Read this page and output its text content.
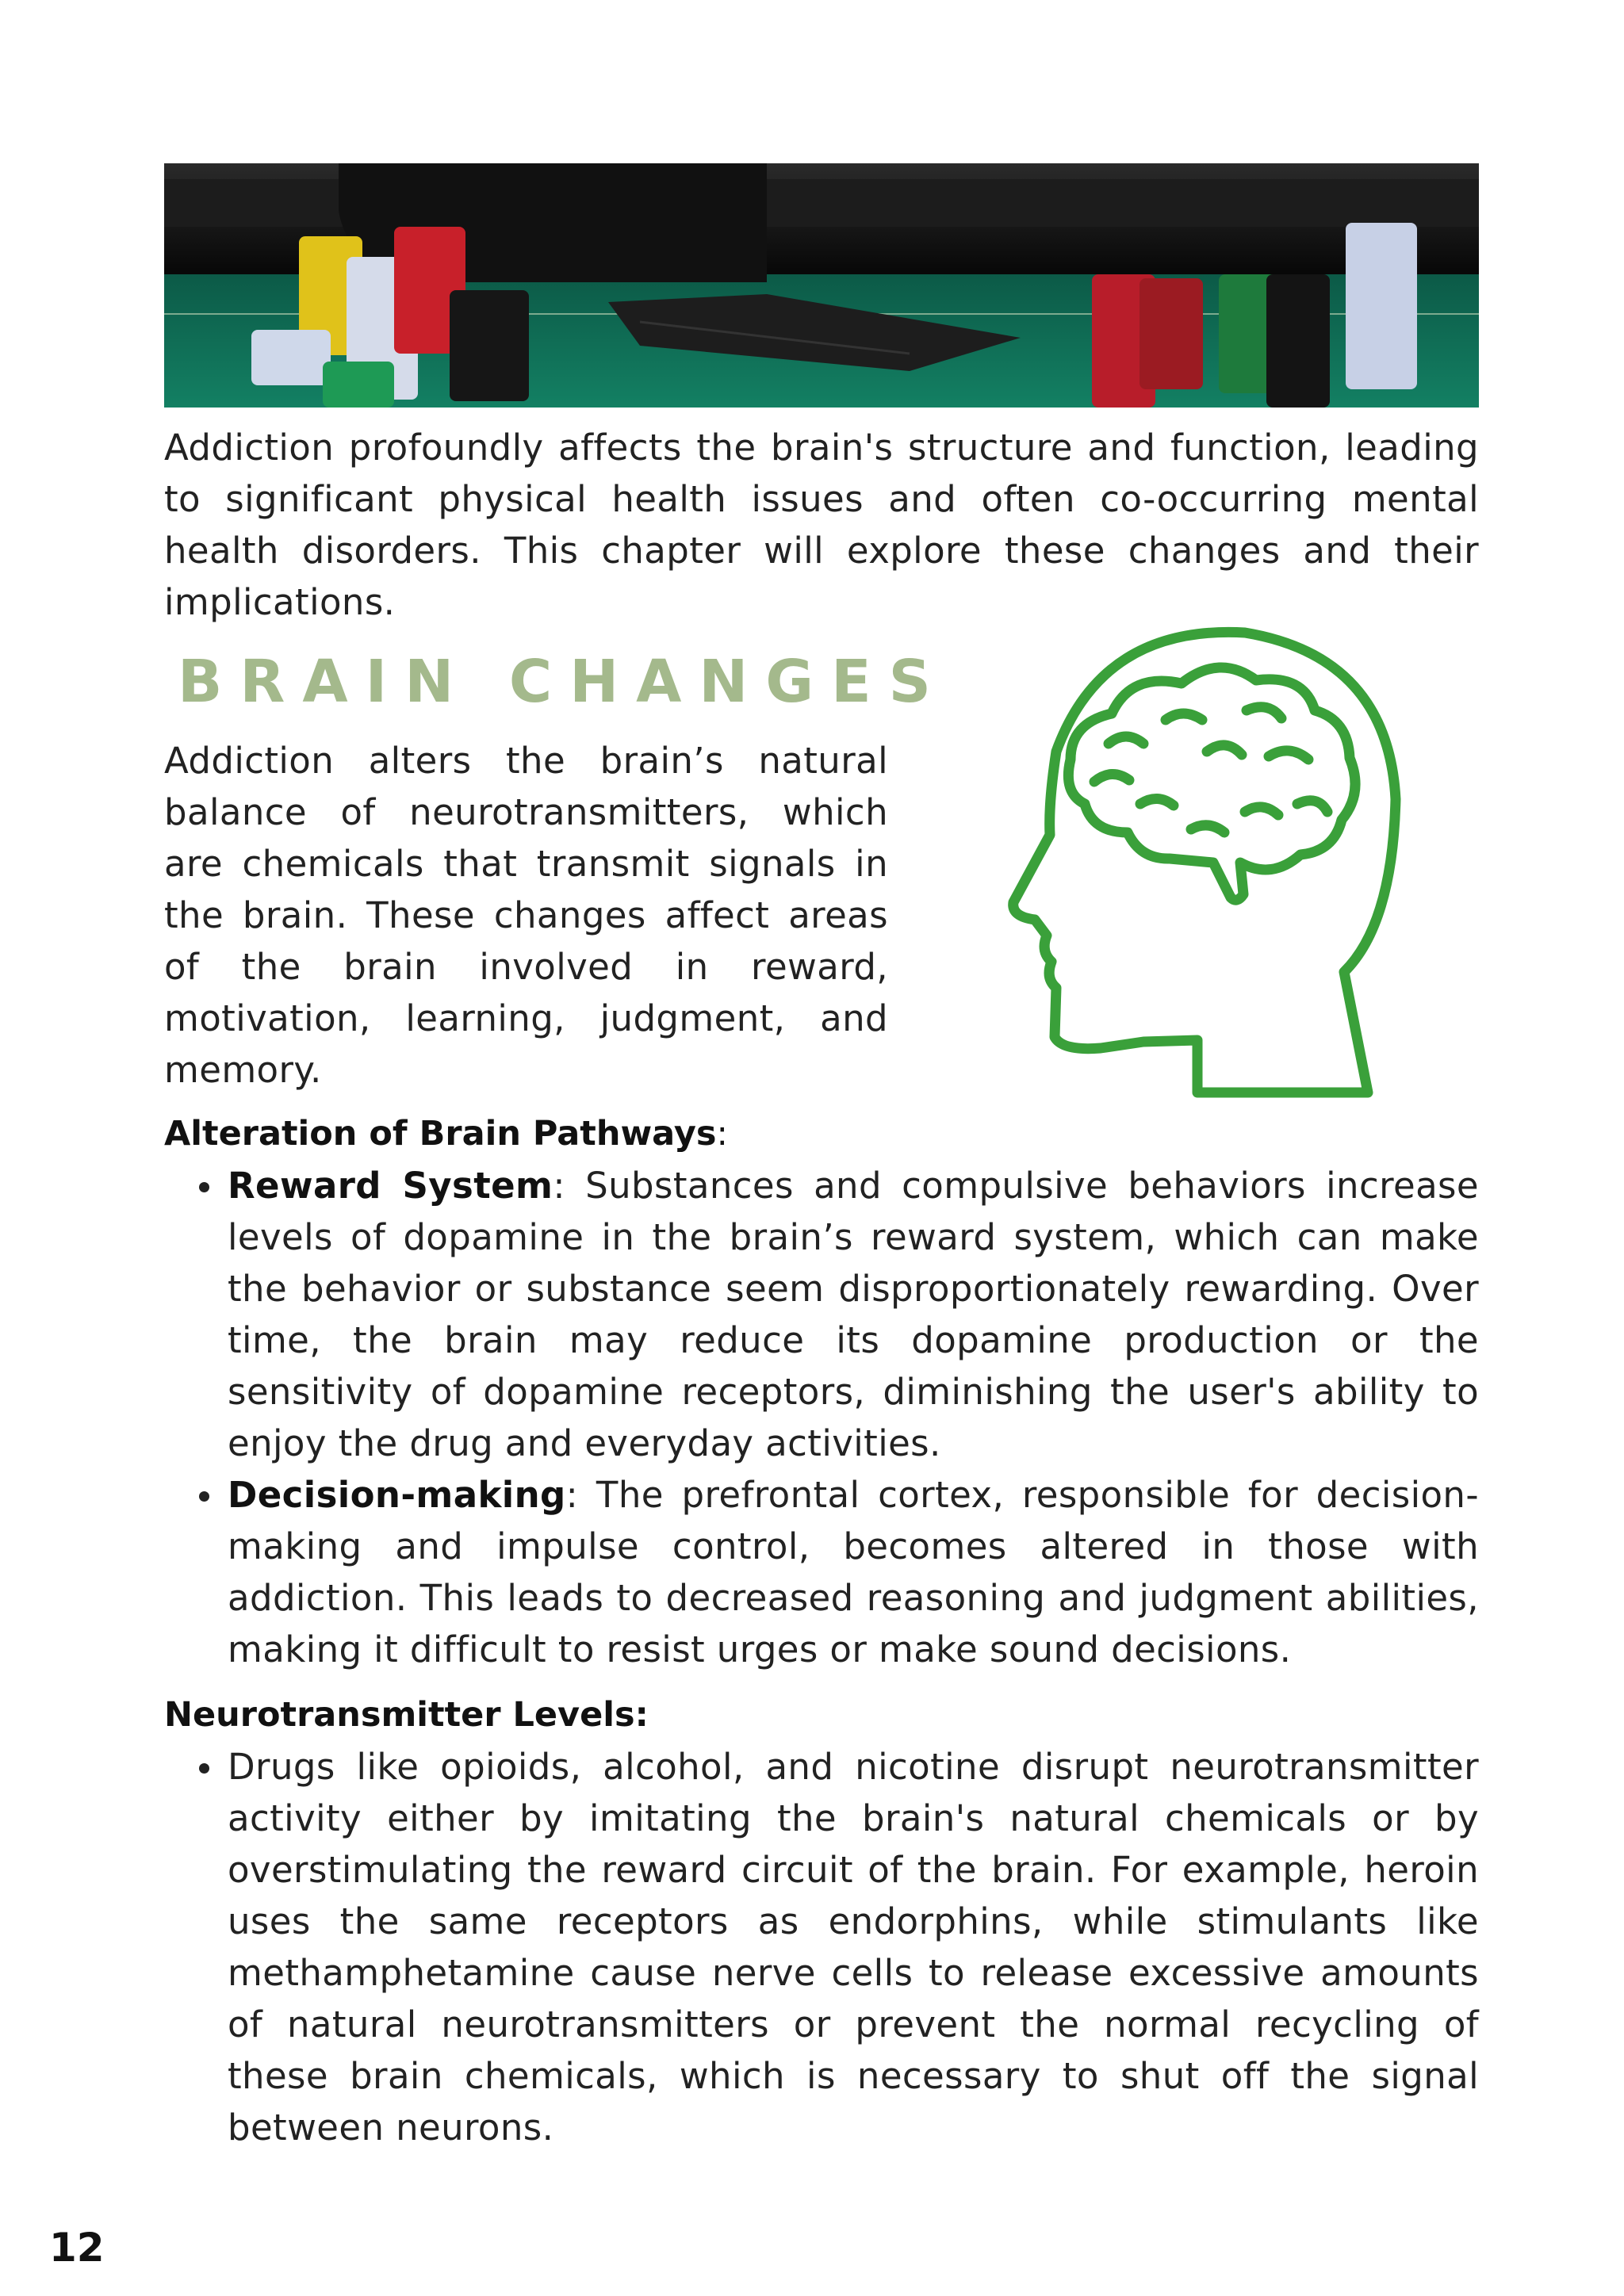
Addiction profoundly affects the brain's structure and function, leading to significant physical health issues and often co-occurring mental health disorders. This chapter will explore these changes and their implications.

BRAIN CHANGES

Addiction alters the brain’s natural balance of neurotransmitters, which are chemicals that transmit signals in the brain. These changes affect areas of the brain involved in reward, motivation, learning, judgment, and memory.

Alteration of Brain Pathways:

Reward System: Substances and compulsive behaviors increase levels of dopamine in the brain’s reward system, which can make the behavior or substance seem disproportionately rewarding. Over time, the brain may reduce its dopamine production or the sensitivity of dopamine receptors, diminishing the user's ability to enjoy the drug and everyday activities.

Decision-making: The prefrontal cortex, responsible for decision-making and impulse control, becomes altered in those with addiction. This leads to decreased reasoning and judgment abilities, making it difficult to resist urges or make sound decisions.

Neurotransmitter Levels:

Drugs like opioids, alcohol, and nicotine disrupt neurotransmitter activity either by imitating the brain's natural chemicals or by overstimulating the reward circuit of the brain. For example, heroin uses the same receptors as endorphins, while stimulants like methamphetamine cause nerve cells to release excessive amounts of natural neurotransmitters or prevent the normal recycling of these brain chemicals, which is necessary to shut off the signal between neurons.

12
